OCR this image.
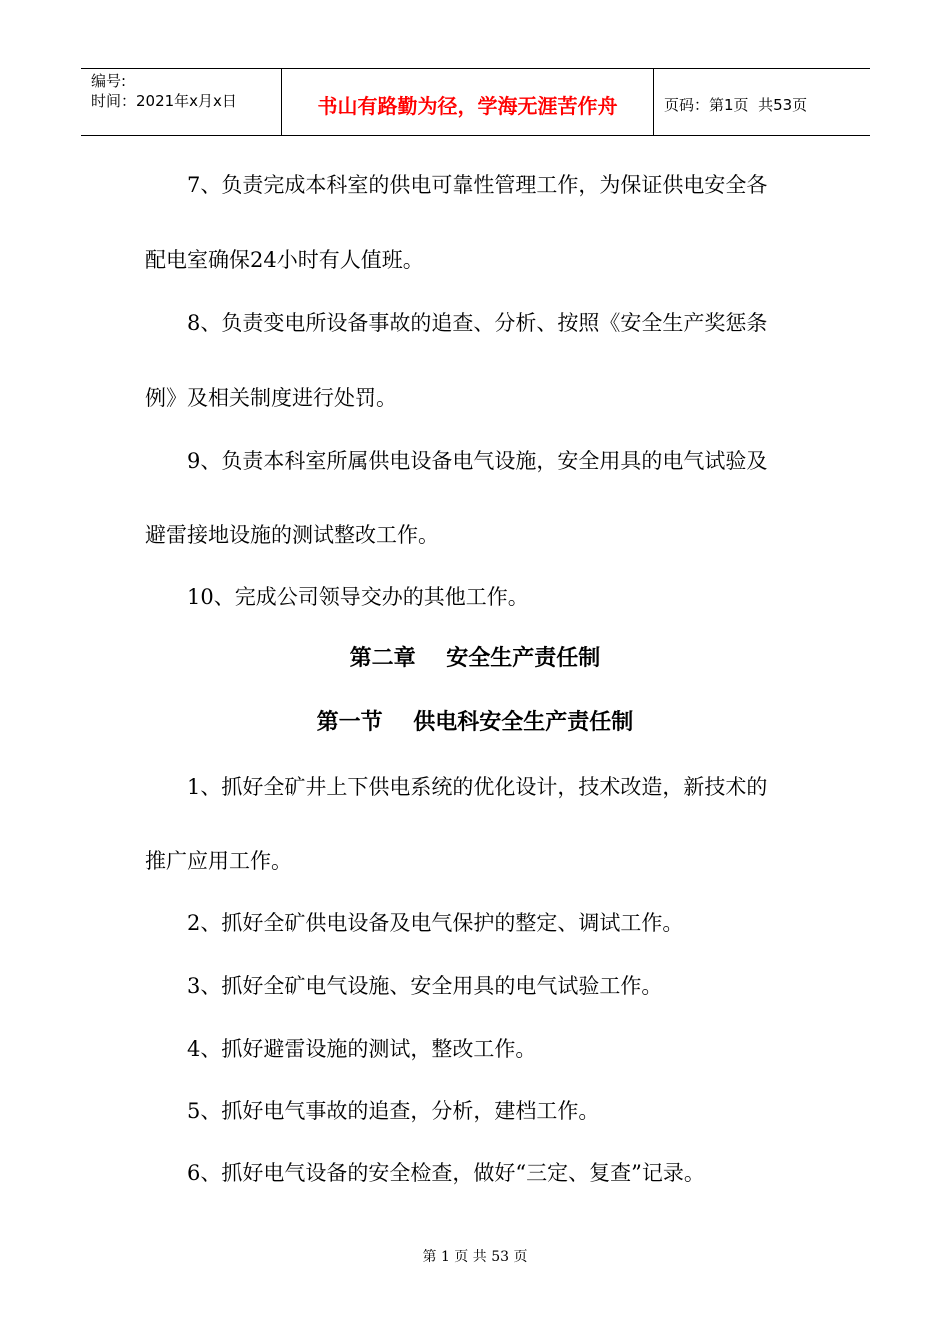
编号:
时间：2021年x月x日	书山有路勤为径，学海无涯苦作舟	页码：第1页  共53页
7、负责完成本科室的供电可靠性管理工作，为保证供电安全各
配电室确保24小时有人值班。
8、负责变电所设备事故的追查、分析、按照《安全生产奖惩条
例》及相关制度进行处罚。
9、负责本科室所属供电设备电气设施，安全用具的电气试验及
避雷接地设施的测试整改工作。
10、完成公司领导交办的其他工作。
第二章    安全生产责任制
第一节    供电科安全生产责任制
1、抓好全矿井上下供电系统的优化设计，技术改造，新技术的
推广应用工作。
2、抓好全矿供电设备及电气保护的整定、调试工作。
3、抓好全矿电气设施、安全用具的电气试验工作。
4、抓好避雷设施的测试，整改工作。
5、抓好电气事故的追查，分析，建档工作。
6、抓好电气设备的安全检查，做好“三定、复查”记录。
第 1 页 共 53 页
